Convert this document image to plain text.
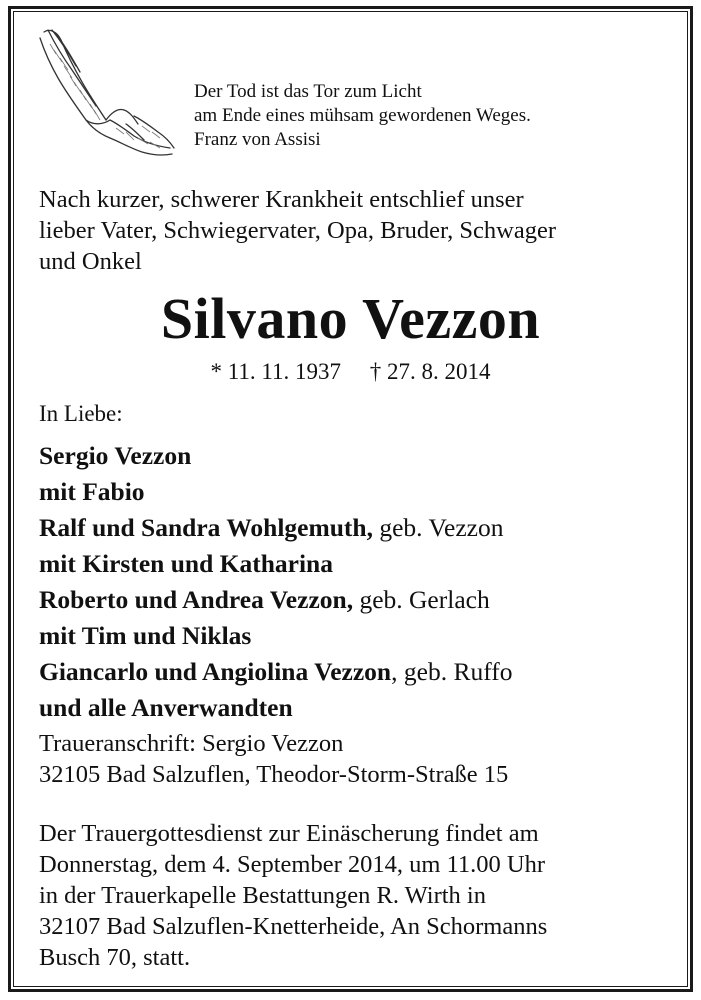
Der Tod ist das Tor zum Licht
am Ende eines mühsam gewordenen Weges.
Franz von Assisi
Nach kurzer, schwerer Krankheit entschlief unser
lieber Vater, Schwiegervater, Opa, Bruder, Schwager
und Onkel
Silvano Vezzon
* 11. 11. 1937     † 27. 8. 2014
In Liebe:
Sergio Vezzon
mit Fabio
Ralf und Sandra Wohlgemuth, geb. Vezzon
mit Kirsten und Katharina
Roberto und Andrea Vezzon, geb. Gerlach
mit Tim und Niklas
Giancarlo und Angiolina Vezzon, geb. Ruffo
und alle Anverwandten
Traueranschrift: Sergio Vezzon
32105 Bad Salzuflen, Theodor-Storm-Straße 15
Der Trauergottesdienst zur Einäscherung findet am
Donnerstag, dem 4. September 2014, um 11.00 Uhr
in der Trauerkapelle Bestattungen R. Wirth in
32107 Bad Salzuflen-Knetterheide, An Schormanns
Busch 70, statt.
